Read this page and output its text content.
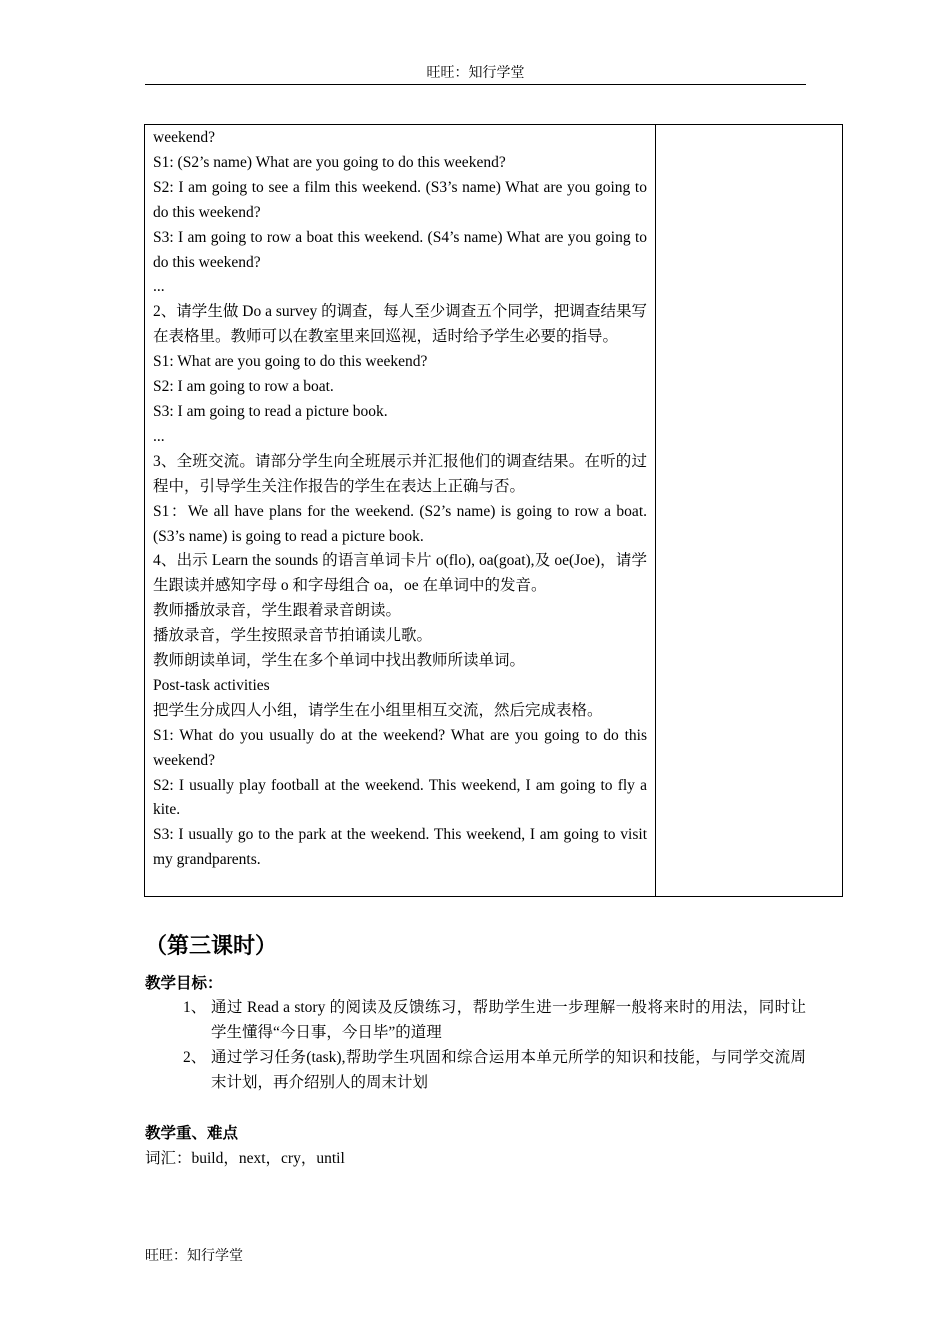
旺旺：知行学堂

weekend?

S1: (S2’s name) What are you going to do this weekend?

S2: I am going to see a film this weekend. (S3’s name) What are you going to do this weekend?

S3: I am going to row a boat this weekend. (S4’s name) What are you going to do this weekend?

...

2、请学生做 Do a survey 的调查，每人至少调查五个同学，把调查结果写在表格里。教师可以在教室里来回巡视，适时给予学生必要的指导。

S1: What are you going to do this weekend?

S2: I am going to row a boat.

S3: I am going to read a picture book.

...

3、全班交流。请部分学生向全班展示并汇报他们的调查结果。在听的过程中，引导学生关注作报告的学生在表达上正确与否。

S1：We all have plans for the weekend. (S2’s name) is going to row a boat. (S3’s name) is going to read a picture book.

4、出示 Learn the sounds 的语言单词卡片 o(flo), oa(goat),及 oe(Joe)，请学生跟读并感知字母 o 和字母组合 oa，oe 在单词中的发音。

教师播放录音，学生跟着录音朗读。

播放录音，学生按照录音节拍诵读儿歌。

教师朗读单词，学生在多个单词中找出教师所读单词。

Post-task activities

把学生分成四人小组，请学生在小组里相互交流，然后完成表格。

S1: What do you usually do at the weekend? What are you going to do this weekend?

S2: I usually play football at the weekend. This weekend, I am going to fly a kite.

S3: I usually go to the park at the weekend. This weekend, I am going to visit my grandparents.

（第三课时）
教学目标：
1、 通过 Read a story 的阅读及反馈练习，帮助学生进一步理解一般将来时的用法，同时让学生懂得“今日事，今日毕”的道理
2、 通过学习任务(task),帮助学生巩固和综合运用本单元所学的知识和技能，与同学交流周末计划，再介绍别人的周末计划
教学重、难点
词汇：build，next，cry，until
旺旺：知行学堂
